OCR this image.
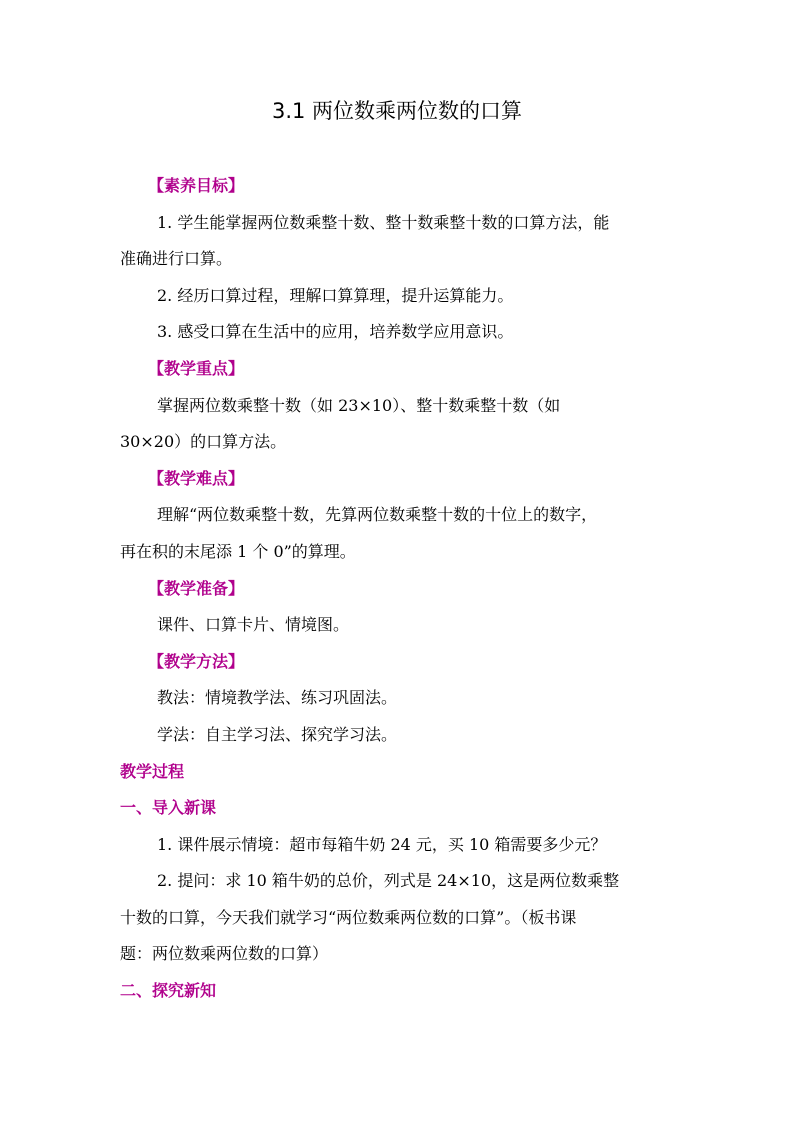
3.1 两位数乘两位数的口算

【素养目标】

1. 学生能掌握两位数乘整十数、整十数乘整十数的口算方法，能

准确进行口算。

2. 经历口算过程，理解口算算理，提升运算能力。

3. 感受口算在生活中的应用，培养数学应用意识。

【教学重点】

掌握两位数乘整十数（如 23×10）、整十数乘整十数（如

30×20）的口算方法。

【教学难点】

理解“两位数乘整十数，先算两位数乘整十数的十位上的数字，

再在积的末尾添 1 个 0”的算理。

【教学准备】

课件、口算卡片、情境图。

【教学方法】

教法：情境教学法、练习巩固法。

学法：自主学习法、探究学习法。

教学过程

一、导入新课

1. 课件展示情境：超市每箱牛奶 24 元，买 10 箱需要多少元？

2. 提问：求 10 箱牛奶的总价，列式是 24×10，这是两位数乘整

十数的口算，今天我们就学习“两位数乘两位数的口算”。（板书课

题：两位数乘两位数的口算）

二、探究新知
